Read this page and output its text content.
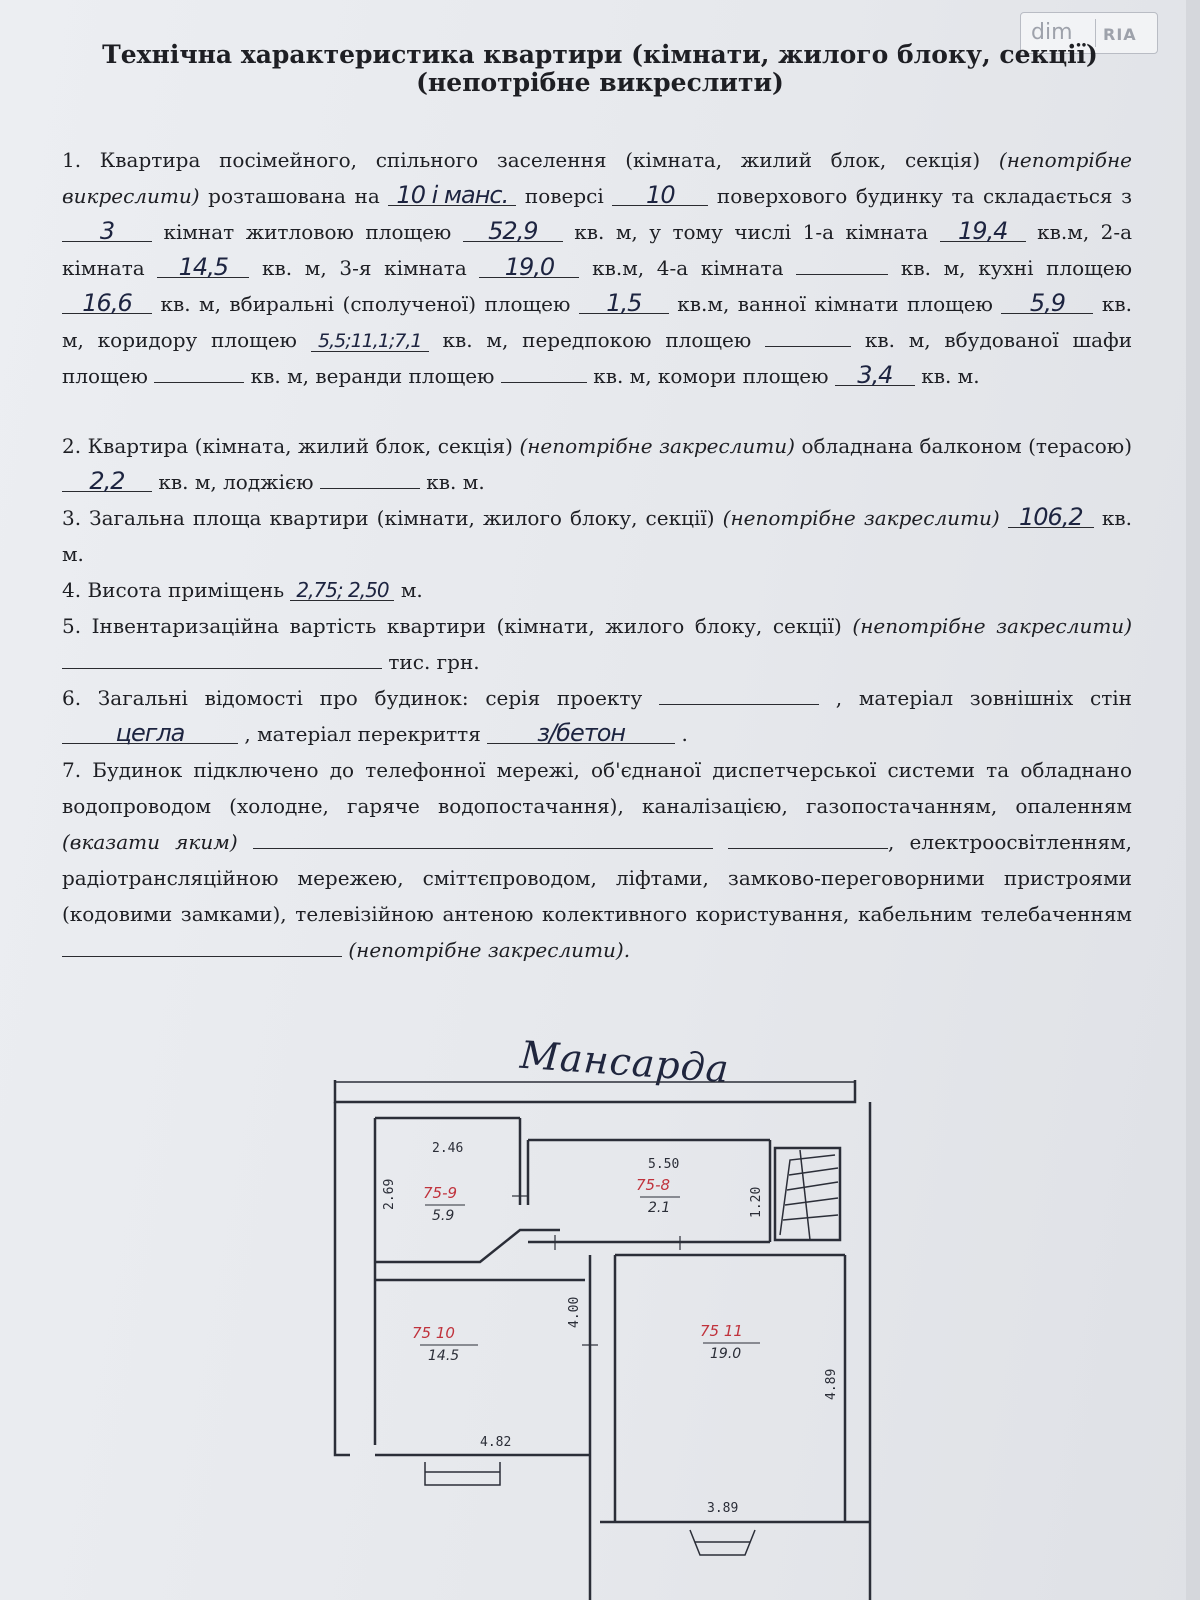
dim RIA
Технічна характеристика квартири (кімнати, жилого блоку, секції)
(непотрібне викреслити)
1. Квартира посімейного, спільного заселення (кімната, жилий блок, секція) (непотрібне викреслити) розташована на 10 і манс. поверсі 10 поверхового будинку та складається з 3 кімнат житловою площею 52,9 кв. м, у тому числі 1-а кімната 19,4 кв.м, 2-а кімната 14,5 кв. м, 3-я кімната 19,0 кв.м, 4-а кімната	кв. м, кухні площею 16,6 кв. м, вбиральні (сполученої) площею 1,5 кв.м, ванної кімнати площею 5,9 кв. м, коридору площею 5,5;11,1;7,1 кв. м, передпокою площею	кв. м, вбудованої шафи площею	кв. м, веранди площею	кв. м, комори площею 3,4 кв. м.
2. Квартира (кімната, жилий блок, секція) (непотрібне закреслити) обладнана балконом (терасою) 2,2 кв. м, лоджією	кв. м.
3. Загальна площа квартири (кімнати, жилого блоку, секції) (непотрібне закреслити) 106,2 кв. м.
4. Висота приміщень 2,75; 2,50 м.
5. Інвентаризаційна вартість квартири (кімнати, жилого блоку, секції) (непотрібне закреслити)  тис. грн.
6. Загальні відомості про будинок: серія проекту	, матеріал зовнішніх стін цегла	, матеріал перекриття з/бетон	.
7. Будинок підключено до телефонної мережі, об'єднаної диспетчерської системи та обладнано водопроводом (холодне, гаряче водопостачання), каналізацією, газопостачанням, опаленням (вказати яким)	, електроосвітленням, радіотрансляційною мережею, сміттєпроводом, ліфтами, замково-переговорними пристроями (кодовими замками), телевізійною антеною колективного користування, кабельним телебаченням  (непотрібне закреслити).
Мансарда
2.46
5.50
2.69	1.20
4.00
4.82
4.89
3.89
75-9
5.9
75-8
2.1
75 10
14.5
75 11
19.0
